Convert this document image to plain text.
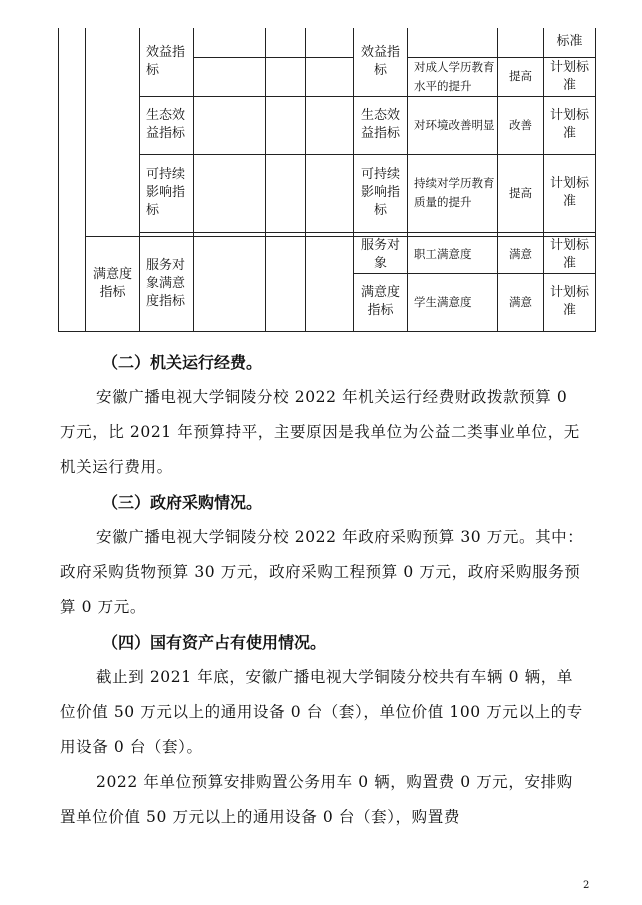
		效益指标				效益指标			标准
							对成人学历教育水平的提升	提高	计划标准
		生态效益指标				生态效益指标	对环境改善明显	改善	计划标准
		可持续影响指标				可持续影响指标	持续对学历教育质量的提升	提高	计划标准

	满意度指标	服务对象满意度指标				服务对象	职工满意度	满意	计划标准
						满意度指标	学生满意度	满意	计划标准

（二）机关运行经费。

安徽广播电视大学铜陵分校 2022 年机关运行经费财政拨款预算 0 万元，比 2021 年预算持平，主要原因是我单位为公益二类事业单位，无机关运行费用。

（三）政府采购情况。

安徽广播电视大学铜陵分校 2022 年政府采购预算 30 万元。其中：政府采购货物预算 30 万元，政府采购工程预算 0 万元，政府采购服务预算 0 万元。

（四）国有资产占有使用情况。

截止到 2021 年底，安徽广播电视大学铜陵分校共有车辆 0 辆，单位价值 50 万元以上的通用设备 0 台（套），单位价值 100 万元以上的专用设备 0 台（套）。

2022 年单位预算安排购置公务用车 0 辆，购置费 0 万元，安排购置单位价值 50 万元以上的通用设备 0 台（套），购置费

2
